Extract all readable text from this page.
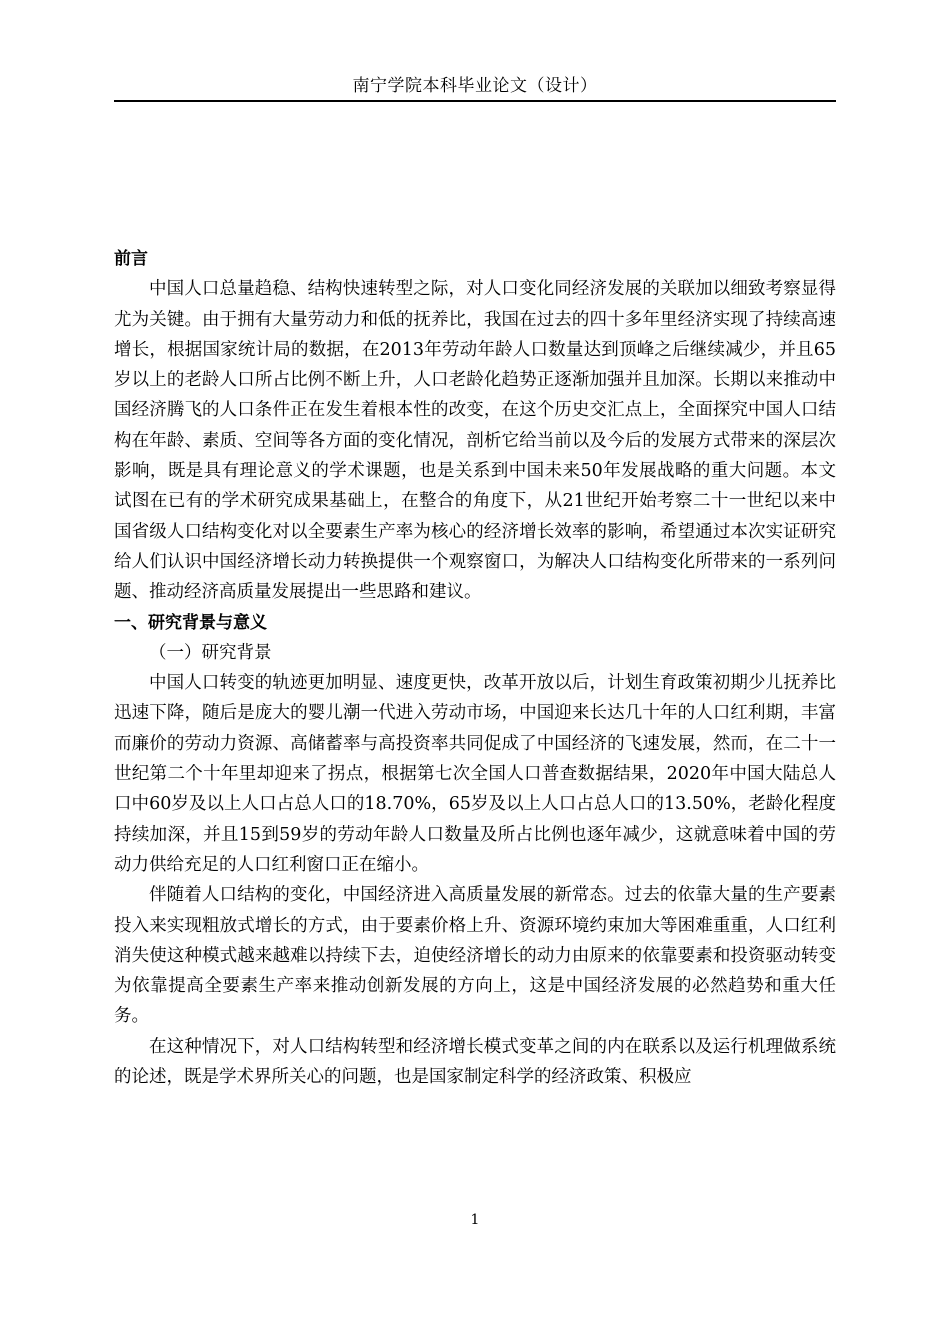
南宁学院本科毕业论文（设计）
前言

中国人口总量趋稳、结构快速转型之际，对人口变化同经济发展的关联加以细致考察显得尤为关键。由于拥有大量劳动力和低的抚养比，我国在过去的四十多年里经济实现了持续高速增长，根据国家统计局的数据，在2013年劳动年龄人口数量达到顶峰之后继续减少，并且65岁以上的老龄人口所占比例不断上升，人口老龄化趋势正逐渐加强并且加深。长期以来推动中国经济腾飞的人口条件正在发生着根本性的改变，在这个历史交汇点上，全面探究中国人口结构在年龄、素质、空间等各方面的变化情况，剖析它给当前以及今后的发展方式带来的深层次影响，既是具有理论意义的学术课题，也是关系到中国未来50年发展战略的重大问题。本文试图在已有的学术研究成果基础上，在整合的角度下，从21世纪开始考察二十一世纪以来中国省级人口结构变化对以全要素生产率为核心的经济增长效率的影响，希望通过本次实证研究给人们认识中国经济增长动力转换提供一个观察窗口，为解决人口结构变化所带来的一系列问题、推动经济高质量发展提出一些思路和建议。

一、研究背景与意义
（一）研究背景

中国人口转变的轨迹更加明显、速度更快，改革开放以后，计划生育政策初期少儿抚养比迅速下降，随后是庞大的婴儿潮一代进入劳动市场，中国迎来长达几十年的人口红利期，丰富而廉价的劳动力资源、高储蓄率与高投资率共同促成了中国经济的飞速发展，然而，在二十一世纪第二个十年里却迎来了拐点，根据第七次全国人口普查数据结果，2020年中国大陆总人口中60岁及以上人口占总人口的18.70%，65岁及以上人口占总人口的13.50%，老龄化程度持续加深，并且15到59岁的劳动年龄人口数量及所占比例也逐年减少，这就意味着中国的劳动力供给充足的人口红利窗口正在缩小。

伴随着人口结构的变化，中国经济进入高质量发展的新常态。过去的依靠大量的生产要素投入来实现粗放式增长的方式，由于要素价格上升、资源环境约束加大等困难重重，人口红利消失使这种模式越来越难以持续下去，迫使经济增长的动力由原来的依靠要素和投资驱动转变为依靠提高全要素生产率来推动创新发展的方向上，这是中国经济发展的必然趋势和重大任务。

在这种情况下，对人口结构转型和经济增长模式变革之间的内在联系以及运行机理做系统的论述，既是学术界所关心的问题，也是国家制定科学的经济政策、积极应

1
